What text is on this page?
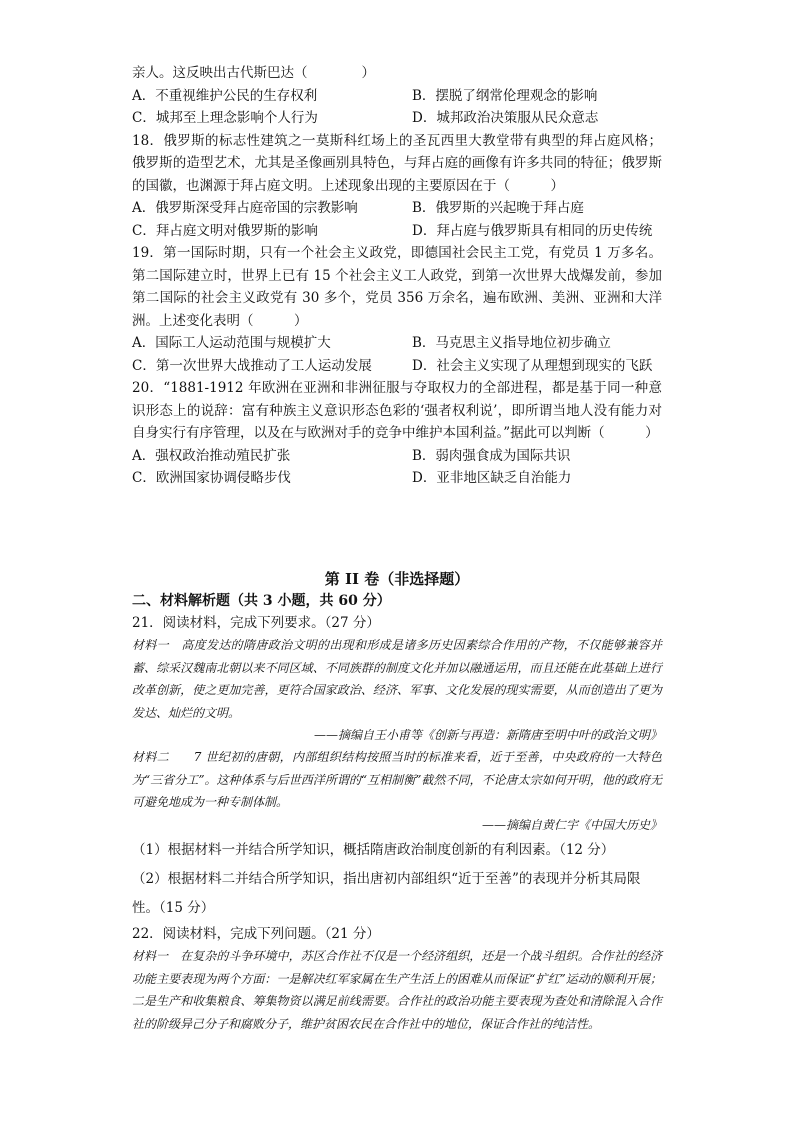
亲人。这反映出古代斯巴达（　　　　）
A．不重视维护公民的生存权利	B．摆脱了纲常伦理观念的影响
C．城邦至上理念影响个人行为	D．城邦政治决策服从民众意志
18．俄罗斯的标志性建筑之一莫斯科红场上的圣瓦西里大教堂带有典型的拜占庭风格；俄罗斯的造型艺术，尤其是圣像画别具特色，与拜占庭的画像有许多共同的特征；俄罗斯的国徽，也渊源于拜占庭文明。上述现象出现的主要原因在于（　　　）
A．俄罗斯深受拜占庭帝国的宗教影响	B．俄罗斯的兴起晚于拜占庭
C．拜占庭文明对俄罗斯的影响	D．拜占庭与俄罗斯具有相同的历史传统
19．第一国际时期，只有一个社会主义政党，即德国社会民主工党，有党员 1 万多名。第二国际建立时，世界上已有 15 个社会主义工人政党，到第一次世界大战爆发前，参加第二国际的社会主义政党有 30 多个，党员 356 万余名，遍布欧洲、美洲、亚洲和大洋洲。上述变化表明（　　　）
A．国际工人运动范围与规模扩大	B．马克思主义指导地位初步确立
C．第一次世界大战推动了工人运动发展	D．社会主义实现了从理想到现实的飞跃
20．“1881-1912 年欧洲在亚洲和非洲征服与夺取权力的全部进程，都是基于同一种意识形态上的说辞：富有种族主义意识形态色彩的‘强者权利说’，即所谓当地人没有能力对自身实行有序管理，以及在与欧洲对手的竞争中维护本国利益。”据此可以判断（　　　）
A．强权政治推动殖民扩张	B．弱肉强食成为国际共识
C．欧洲国家协调侵略步伐	D．亚非地区缺乏自治能力
第 II 卷（非选择题）
二、材料解析题（共 3 小题，共 60 分）
21．阅读材料，完成下列要求。（27 分）
材料一　高度发达的隋唐政治文明的出现和形成是诸多历史因素综合作用的产物，不仅能够兼容并蓄、综采汉魏南北朝以来不同区域、不同族群的制度文化并加以融通运用，而且还能在此基础上进行改革创新，使之更加完善，更符合国家政治、经济、军事、文化发展的现实需要，从而创造出了更为发达、灿烂的文明。
——摘编自王小甫等《创新与再造：新隋唐至明中叶的政治文明》
材料二　　7 世纪初的唐朝，内部组织结构按照当时的标准来看，近于至善，中央政府的一大特色为“三省分工”。这种体系与后世西洋所谓的“互相制衡”截然不同，不论唐太宗如何开明，他的政府无可避免地成为一种专制体制。
——摘编自黄仁宇《中国大历史》
（1）根据材料一并结合所学知识，概括隋唐政治制度创新的有利因素。（12 分）
（2）根据材料二并结合所学知识，指出唐初内部组织“近于至善”的表现并分析其局限
性。（15 分）
22．阅读材料，完成下列问题。（21 分）
材料一　在复杂的斗争环境中，苏区合作社不仅是一个经济组织，还是一个战斗组织。合作社的经济功能主要表现为两个方面：一是解决红军家属在生产生活上的困难从而保证“扩红”运动的顺利开展；二是生产和收集粮食、筹集物资以满足前线需要。合作社的政治功能主要表现为查处和清除混入合作社的阶级异己分子和腐败分子，维护贫困农民在合作社中的地位，保证合作社的纯洁性。
